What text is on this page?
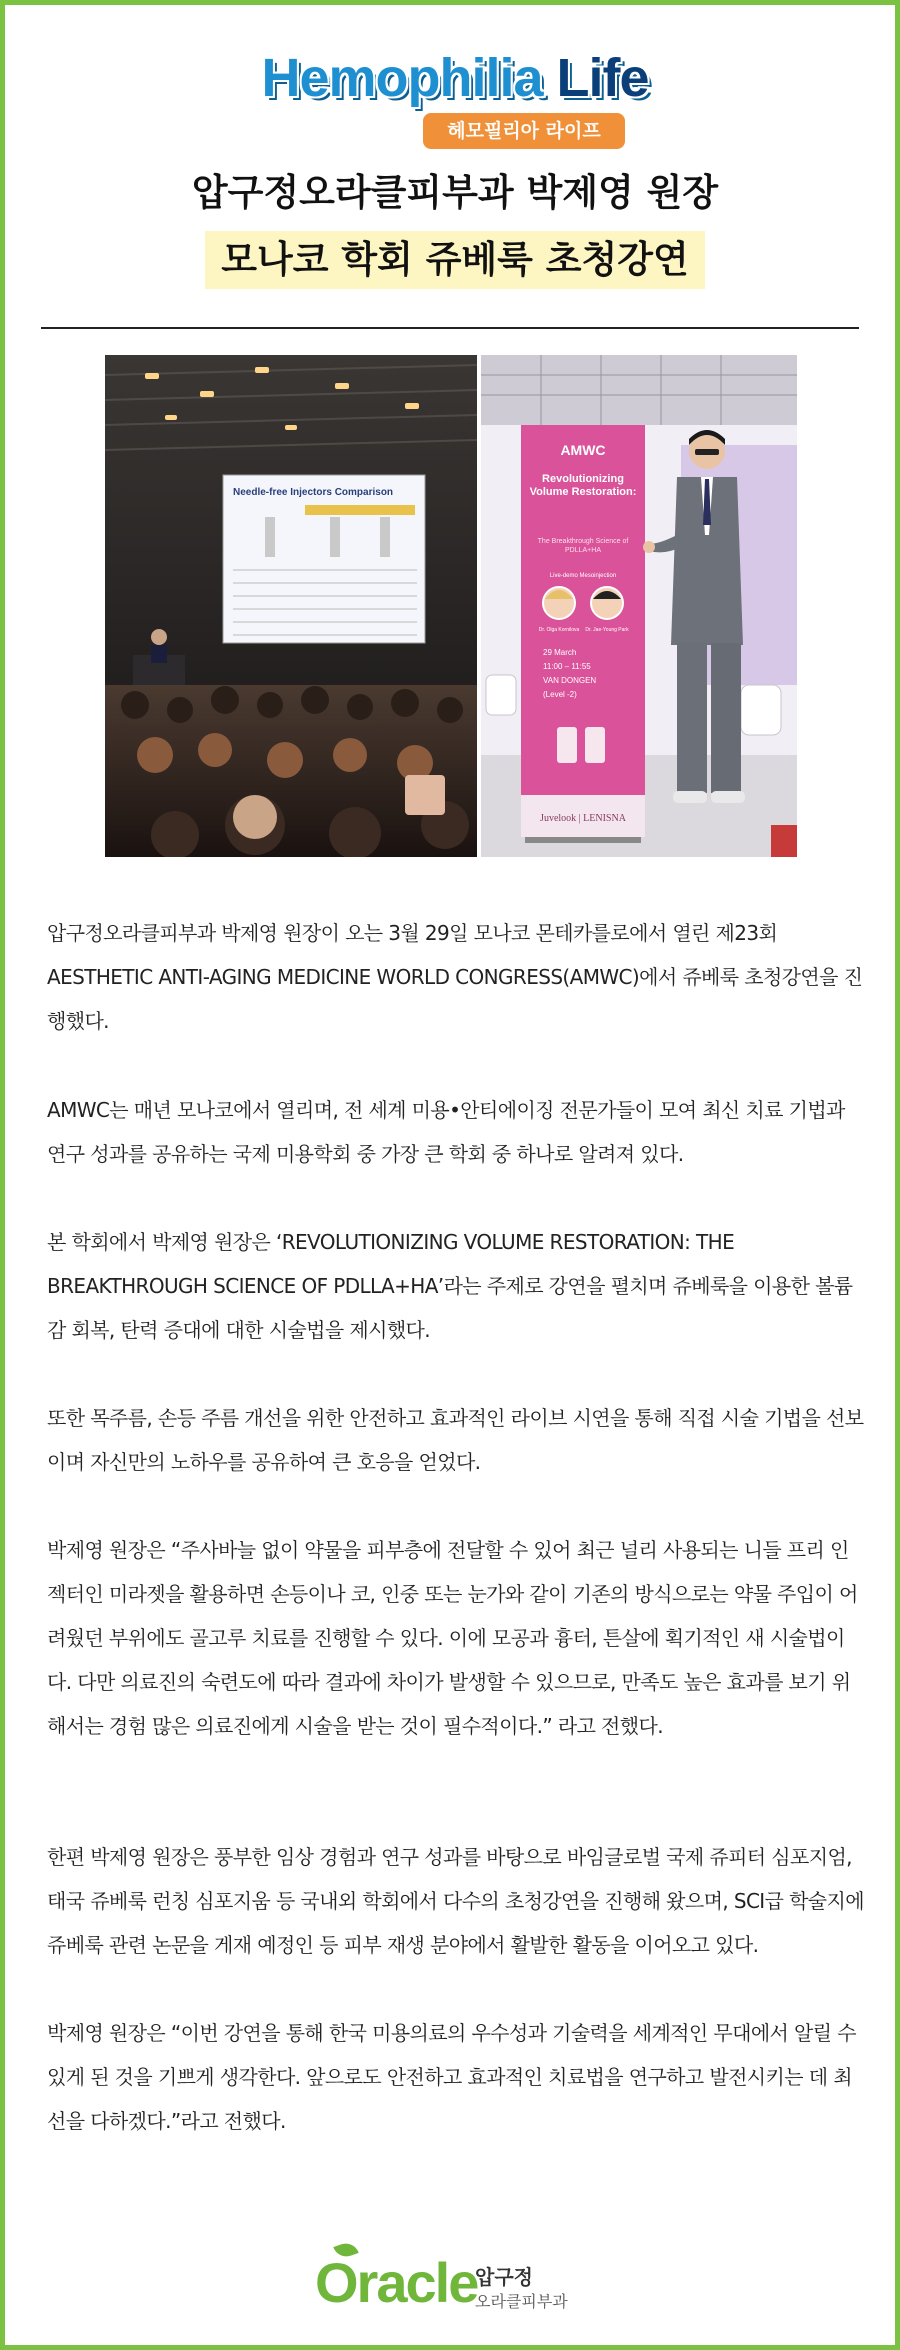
Hemophilia Life
헤모필리아 라이프
압구정오라클피부과 박제영 원장
모나코 학회 쥬베룩 초청강연
Needle-free Injectors Comparison
AMWC
Revolutionizing Volume Restoration:
The Breakthrough Science of PDLLA+HA
Live-demo Mesoinjection
Dr. Olga Kornilova Dr. Jae-Young Park
29 March
11:00 – 11:55
VAN DONGEN
(Level -2)
Juvelook | LENISNA
압구정오라클피부과 박제영 원장이 오는 3월 29일 모나코 몬테카를로에서 열린 제23회 AESTHETIC ANTI-AGING MEDICINE WORLD CONGRESS(AMWC)에서 쥬베룩 초청강연을 진행했다.
AMWC는 매년 모나코에서 열리며, 전 세계 미용•안티에이징 전문가들이 모여 최신 치료 기법과 연구 성과를 공유하는 국제 미용학회 중 가장 큰 학회 중 하나로 알려져 있다.
본 학회에서 박제영 원장은 ‘REVOLUTIONIZING VOLUME RESTORATION: THE BREAKTHROUGH SCIENCE OF PDLLA+HA’라는 주제로 강연을 펼치며 쥬베룩을 이용한 볼륨감 회복, 탄력 증대에 대한 시술법을 제시했다.
또한 목주름, 손등 주름 개선을 위한 안전하고 효과적인 라이브 시연을 통해 직접 시술 기법을 선보이며 자신만의 노하우를 공유하여 큰 호응을 얻었다.
박제영 원장은 “주사바늘 없이 약물을 피부층에 전달할 수 있어 최근 널리 사용되는 니들 프리 인젝터인 미라젯을 활용하면 손등이나 코, 인중 또는 눈가와 같이 기존의 방식으로는 약물 주입이 어려웠던 부위에도 골고루 치료를 진행할 수 있다. 이에 모공과 흉터, 튼살에 획기적인 새 시술법이다. 다만 의료진의 숙련도에 따라 결과에 차이가 발생할 수 있으므로, 만족도 높은 효과를 보기 위해서는 경험 많은 의료진에게 시술을 받는 것이 필수적이다.” 라고 전했다.
한편 박제영 원장은 풍부한 임상 경험과 연구 성과를 바탕으로 바임글로벌 국제 쥬피터 심포지엄, 태국 쥬베룩 런칭 심포지움 등 국내외 학회에서 다수의 초청강연을 진행해 왔으며, SCI급 학술지에 쥬베룩 관련 논문을 게재 예정인 등 피부 재생 분야에서 활발한 활동을 이어오고 있다.
박제영 원장은 “이번 강연을 통해 한국 미용의료의 우수성과 기술력을 세계적인 무대에서 알릴 수 있게 된 것을 기쁘게 생각한다. 앞으로도 안전하고 효과적인 치료법을 연구하고 발전시키는 데 최선을 다하겠다.”라고 전했다.
Oracle
압구정
오라클피부과
